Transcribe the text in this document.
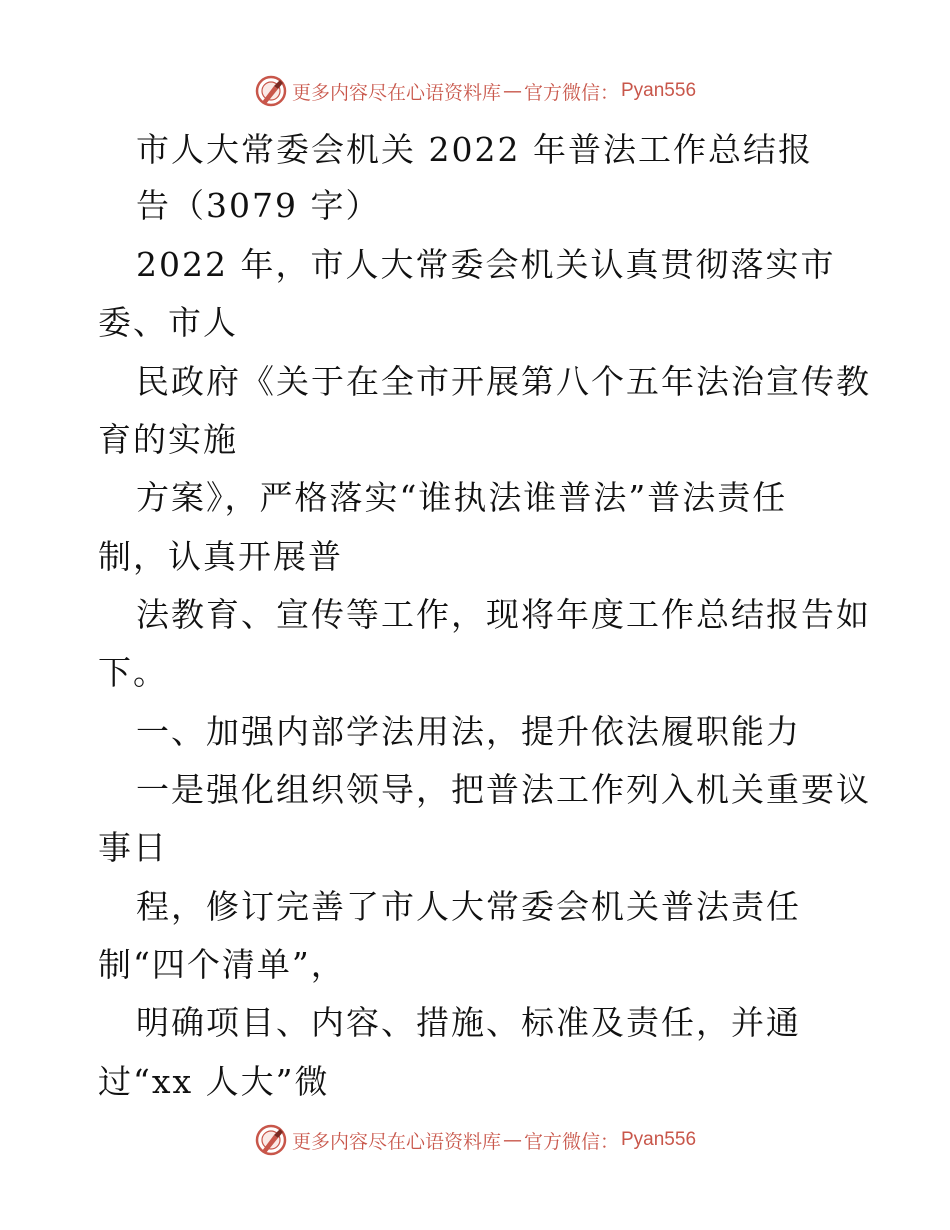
更多内容尽在心语资料库 — 官方微信： Pyan556
市人大常委会机关 2022 年普法工作总结报
告（3079 字）
2022 年，市人大常委会机关认真贯彻落实市
委、市人
民政府《关于在全市开展第八个五年法治宣传教
育的实施
方案》，严格落实“谁执法谁普法”普法责任
制，认真开展普
法教育、宣传等工作，现将年度工作总结报告如
下。
一、加强内部学法用法，提升依法履职能力
一是强化组织领导，把普法工作列入机关重要议
事日
程，修订完善了市人大常委会机关普法责任
制“四个清单”，
明确项目、内容、措施、标准及责任，并通
过“xx 人大”微
更多内容尽在心语资料库 — 官方微信： Pyan556
